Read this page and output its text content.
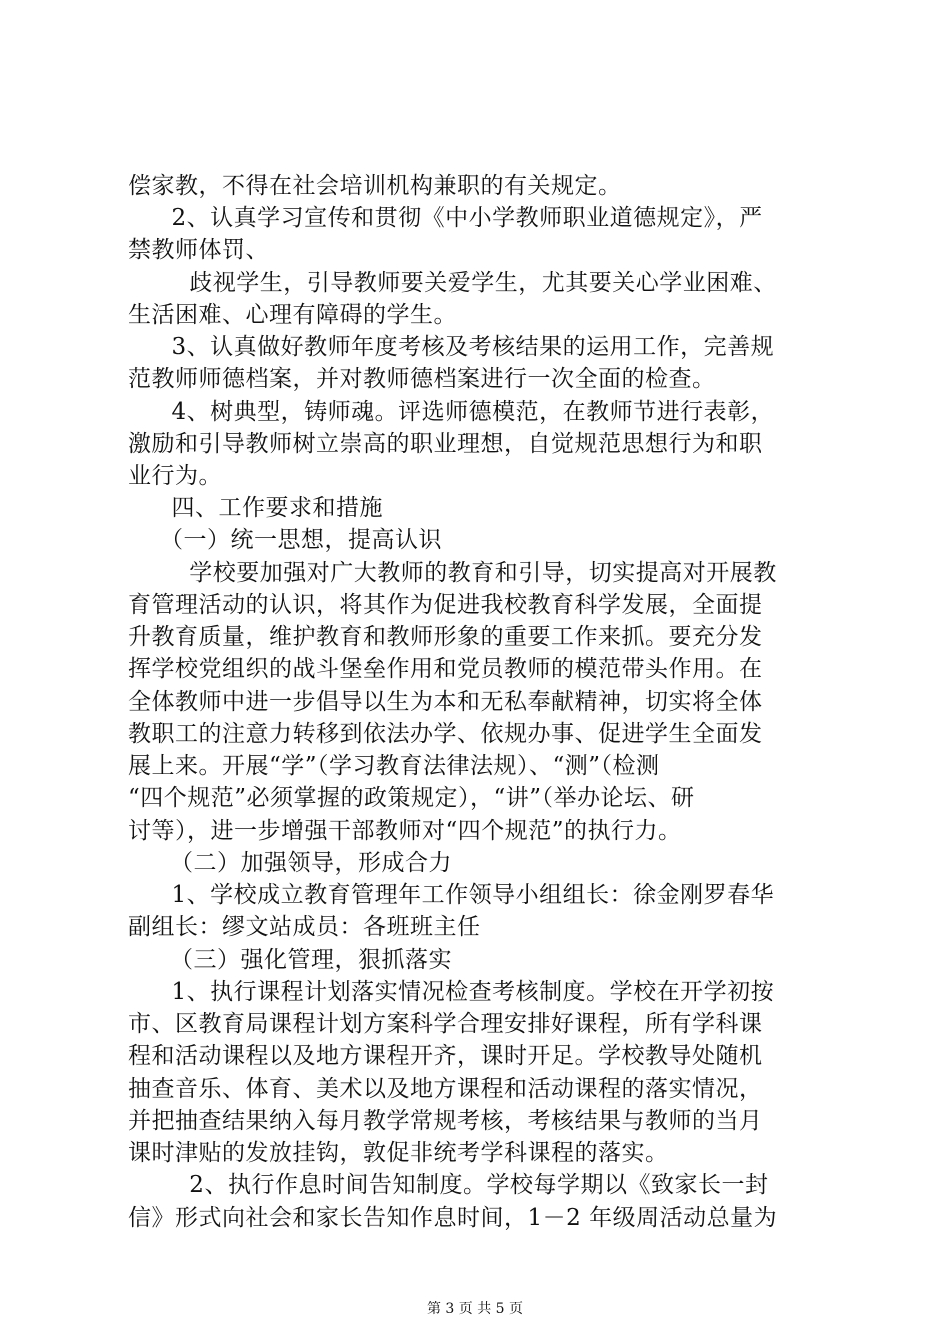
偿家教，不得在社会培训机构兼职的有关规定。
　2、认真学习宣传和贯彻《中小学教师职业道德规定》，严
禁教师体罚、
　 歧视学生，引导教师要关爱学生，尤其要关心学业困难、
生活困难、心理有障碍的学生。
　3、认真做好教师年度考核及考核结果的运用工作，完善规
范教师师德档案，并对教师德档案进行一次全面的检查。
　4、树典型，铸师魂。评选师德模范，在教师节进行表彰，
激励和引导教师树立崇高的职业理想，自觉规范思想行为和职
业行为。
　四、工作要求和措施
　（一）统一思想，提高认识
　 学校要加强对广大教师的教育和引导，切实提高对开展教
育管理活动的认识，将其作为促进我校教育科学发展，全面提
升教育质量，维护教育和教师形象的重要工作来抓。要充分发
挥学校党组织的战斗堡垒作用和党员教师的模范带头作用。在
全体教师中进一步倡导以生为本和无私奉献精神，切实将全体
教职工的注意力转移到依法办学、依规办事、促进学生全面发
展上来。开展“学”（学习教育法律法规）、“测”（检测
“四个规范”必须掌握的政策规定），“讲”（举办论坛、研
讨等），进一步增强干部教师对“四个规范”的执行力。
　（二）加强领导，形成合力
　1、学校成立教育管理年工作领导小组组长：徐金刚罗春华
副组长：缪文站成员：各班班主任
　（三）强化管理，狠抓落实
　1、执行课程计划落实情况检查考核制度。学校在开学初按
市、区教育局课程计划方案科学合理安排好课程，所有学科课
程和活动课程以及地方课程开齐，课时开足。学校教导处随机
抽查音乐、体育、美术以及地方课程和活动课程的落实情况，
并把抽查结果纳入每月教学常规考核，考核结果与教师的当月
课时津贴的发放挂钩，敦促非统考学科课程的落实。
　 2、执行作息时间告知制度。学校每学期以《致家长一封
信》形式向社会和家长告知作息时间，1－2 年级周活动总量为
第 3 页 共 5 页
